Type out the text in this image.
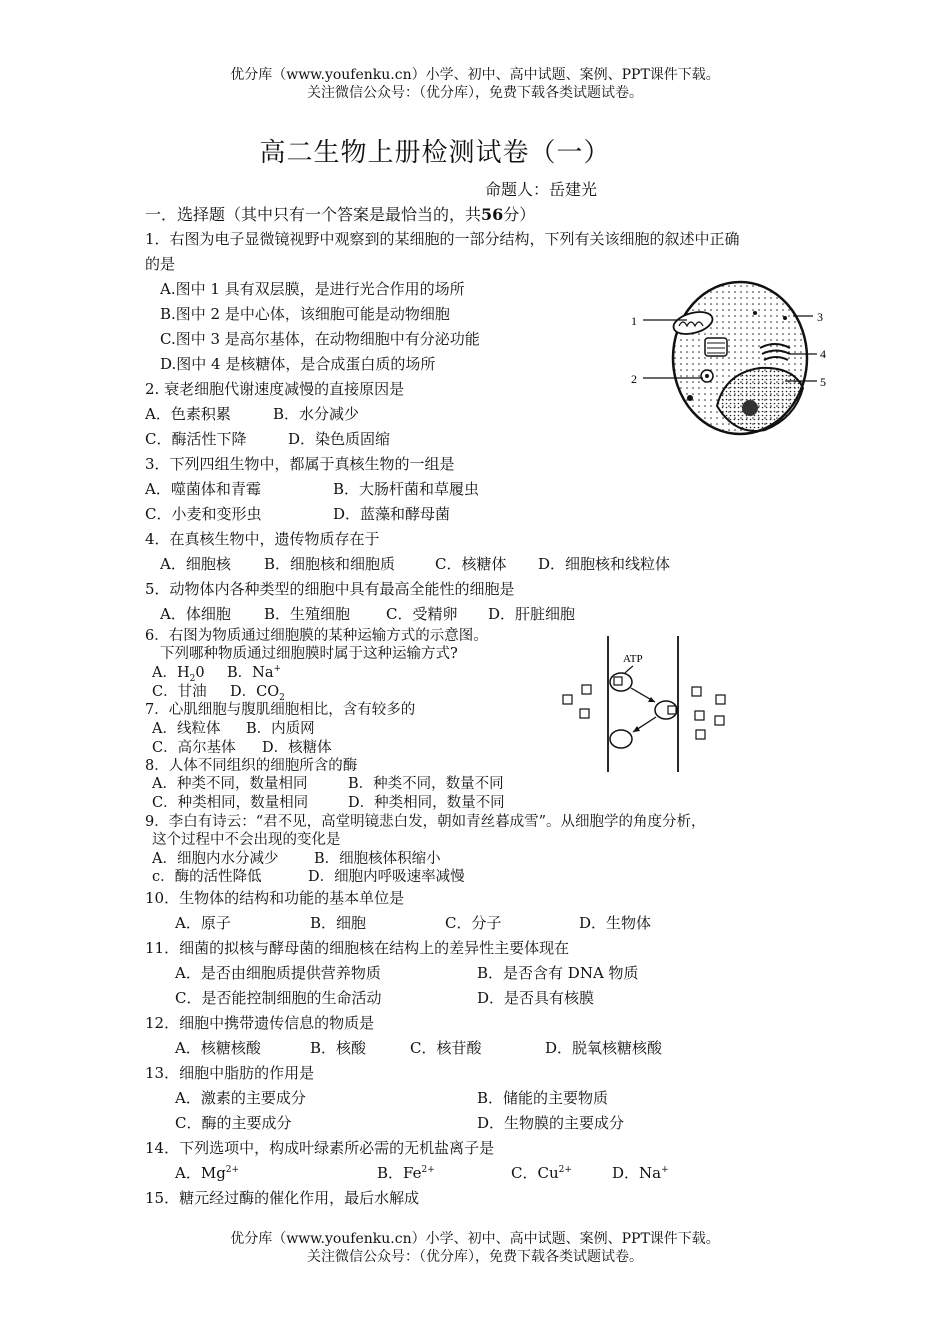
优分库（www.youfenku.cn）小学、初中、高中试题、案例、PPT课件下载。
关注微信公众号：（优分库），免费下载各类试题试卷。
高二生物上册检测试卷（一）
命题人：岳建光
一．选择题（其中只有一个答案是最恰当的，共56分）
1．右图为电子显微镜视野中观察到的某细胞的一部分结构，下列有关该细胞的叙述中正确
的是
A.图中 1 具有双层膜，是进行光合作用的场所
B.图中 2 是中心体，该细胞可能是动物细胞
C.图中 3 是高尔基体，在动物细胞中有分泌功能
D.图中 4 是核糖体，是合成蛋白质的场所
1
2
3
4
5
2. 衰老细胞代谢速度减慢的直接原因是
A．色素积累	B．水分减少
C．酶活性下降	D．染色质固缩
3．下列四组生物中，都属于真核生物的一组是
A．噬菌体和青霉	B．大肠杆菌和草履虫
C．小麦和变形虫	D．蓝藻和酵母菌
4．在真核生物中，遗传物质存在于
A．细胞核 B．细胞核和细胞质	C．核糖体 D．细胞核和线粒体
5．动物体内各种类型的细胞中具有最高全能性的细胞是
A．体细胞 B．生殖细胞 C．受精卵 D．肝脏细胞
6．右图为物质通过细胞膜的某种运输方式的示意图。
下列哪种物质通过细胞膜时属于这种运输方式?
A．$H_20$ B．Na+
C．甘油 D．$CO_2$
ATP
7．心肌细胞与腹肌细胞相比，含有较多的
A．线粒体 B．内质网
C．高尔基体 D．核糖体
8．人体不同组织的细胞所含的酶
A．种类不同，数量相同	B．种类不同，数量不同
C．种类相同，数量相同	D．种类相同，数量不同
9．李白有诗云：“君不见，高堂明镜悲白发，朝如青丝暮成雪”。从细胞学的角度分析，
这个过程中不会出现的变化是
A．细胞内水分减少 B．细胞核体积缩小
c．酶的活性降低	D．细胞内呼吸速率减慢
10．生物体的结构和功能的基本单位是
A．原子	B．细胞	C．分子	D．生物体
11．细菌的拟核与酵母菌的细胞核在结构上的差异性主要体现在
A．是否由细胞质提供营养物质	B．是否含有 DNA 物质
C．是否能控制细胞的生命活动	D．是否具有核膜
12．细胞中携带遗传信息的物质是
A．核糖核酸	B．核酸	C．核苷酸	D．脱氧核糖核酸
13．细胞中脂肪的作用是
A．激素的主要成分	B．储能的主要物质
C．酶的主要成分	D．生物膜的主要成分
14．下列选项中，构成叶绿素所必需的无机盐离子是
A．$Mg^{2+}$	B．$Fe^{2+}$	C．$Cu^{2+}$	D．Na+
15．糖元经过酶的催化作用，最后水解成
优分库（www.youfenku.cn）小学、初中、高中试题、案例、PPT课件下载。
关注微信公众号：（优分库），免费下载各类试题试卷。
